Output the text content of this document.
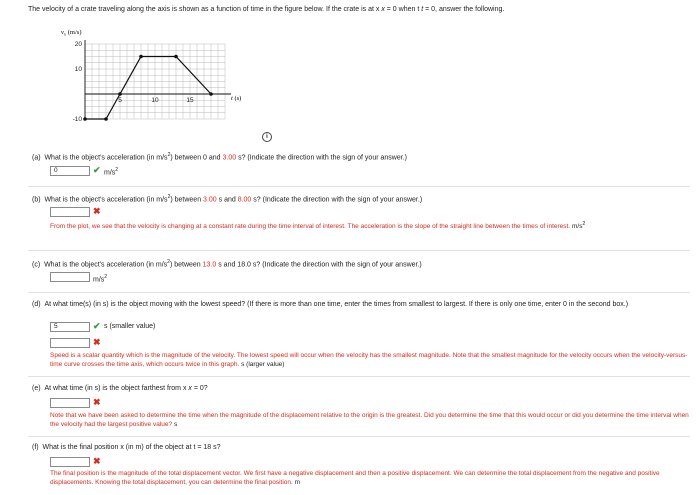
The velocity of a crate traveling along the axis is shown as a function of time in the figure below. If the crate is at x x = 0 when t t = 0, answer the following.
20
10
-10
5	10	15
$v_x$ (m/s)
t (s)
i
(a) What is the object's acceleration (in $m/s^2$) between 0 and 3.00 s? (Indicate the direction with the sign of your answer.)
0	✔ $m/s^2$
(b) What is the object's acceleration (in $m/s^2$) between 3.00 s and 8.00 s? (Indicate the direction with the sign of your answer.)
✖
From the plot, we see that the velocity is changing at a constant rate during the time interval of interest. The acceleration is the slope of the straight line between the times of interest. $m/s^2$
(c) What is the object's acceleration (in $m/s^2$) between 13.0 s and 18.0 s? (Indicate the direction with the sign of your answer.)
$m/s^2$
(d) At what time(s) (in s) is the object moving with the lowest speed? (If there is more than one time, enter the times from smallest to largest. If there is only one time, enter 0 in the second box.)
5	✔ s (smaller value)
✖
Speed is a scalar quantity which is the magnitude of the velocity. The lowest speed will occur when the velocity has the smallest magnitude. Note that the smallest magnitude for the velocity occurs when the velocity-versus-time curve crosses the time axis, which occurs twice in this graph. s (larger value)
(e) At what time (in s) is the object farthest from x x = 0?
✖
Note that we have been asked to determine the time when the magnitude of the displacement relative to the origin is the greatest. Did you determine the time that this would occur or did you determine the time interval when the velocity had the largest positive value? s
(f) What is the final position x (in m) of the object at t = 18 s?
✖
The final position is the magnitude of the total displacement vector. We first have a negative displacement and then a positive displacement. We can determine the total displacement from the negative and positive displacements. Knowing the total displacement, you can determine the final position. m
